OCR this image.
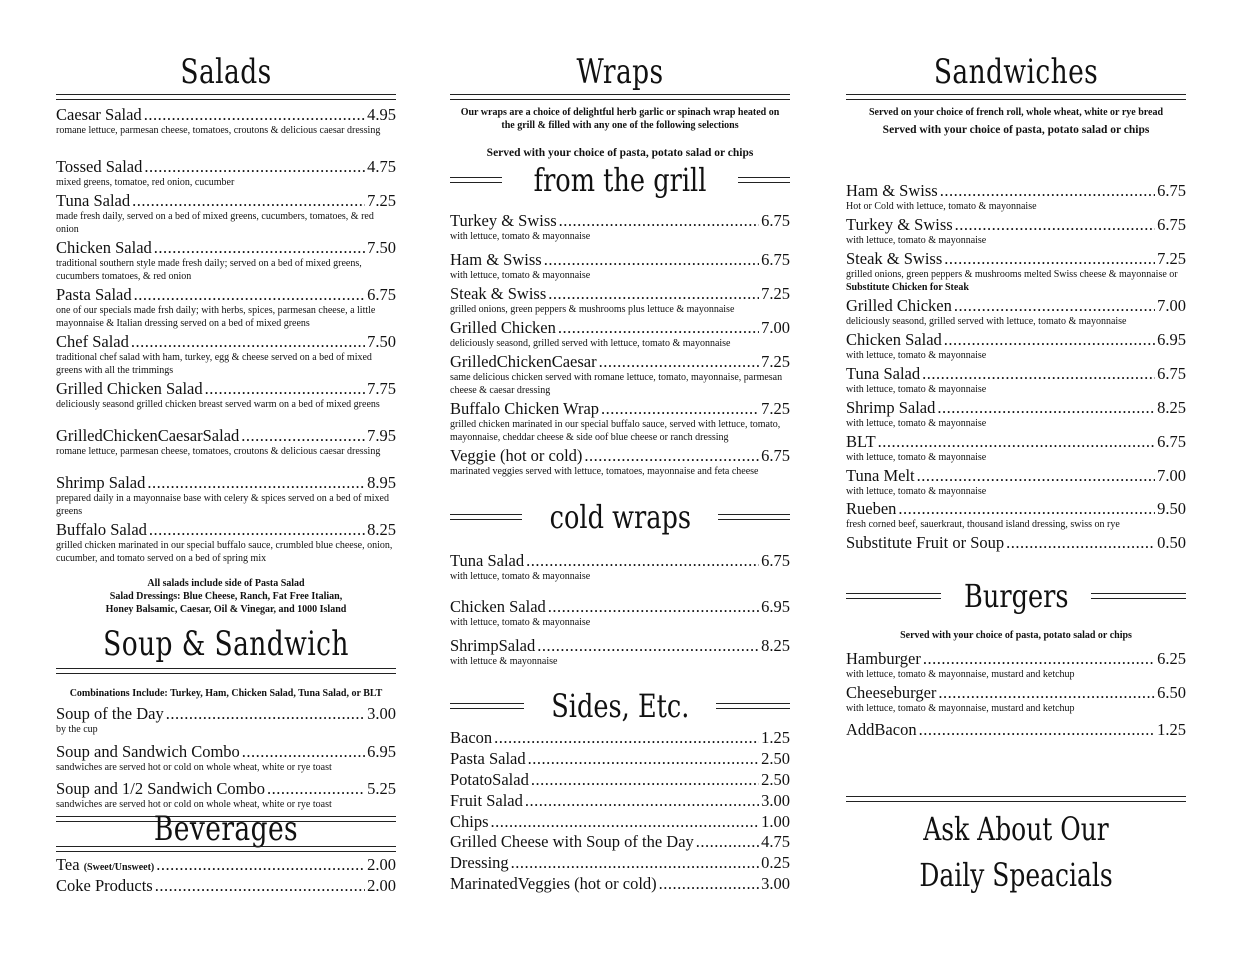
Salads
Caesar Salad .....	4.95
romane lettuce, parmesan cheese, tomatoes, croutons & delicious caesar dressing
Tossed Salad .....	4.75
mixed greens, tomatoe, red onion, cucumber
Tuna Salad .....	7.25
made fresh daily, served on a bed of mixed greens, cucumbers, tomatoes, & red onion
Chicken Salad .....	7.50
traditional southern style made fresh daily; served on a bed of mixed greens, cucumbers tomatoes, & red onion
Pasta Salad .....	6.75
one of our specials made frsh daily; with herbs, spices, parmesan cheese, a little mayonnaise & Italian dressing served on a bed of mixed greens
Chef Salad .....	7.50
traditional chef salad with ham, turkey, egg & cheese served on a bed of mixed greens with all the trimmings
Grilled Chicken Salad .....	7.75
deliciously seasond grilled chicken breast served warm on a bed of mixed greens
GrilledChickenCaesarSalad .....	7.95
romane lettuce, parmesan cheese, tomatoes, croutons & delicious caesar dressing
Shrimp Salad .....	8.95
prepared daily in a mayonnaise base with celery & spices served on a bed of mixed greens
Buffalo Salad .....	8.25
grilled chicken marinated in our special buffalo sauce, crumbled blue cheese, onion, cucumber, and tomato served on a bed of spring mix
All salads include side of Pasta Salad
Salad Dressings: Blue Cheese, Ranch, Fat Free Italian,
Honey Balsamic, Caesar, Oil & Vinegar, and 1000 Island
Soup & Sandwich
Combinations Include: Turkey, Ham, Chicken Salad, Tuna Salad, or BLT
Soup of the Day .....	3.00
by the cup
Soup and Sandwich Combo .....	6.95
sandwiches are served hot or cold on whole wheat, white or rye toast
Soup and 1/2 Sandwich Combo .....	5.25
sandwiches are served hot or cold on whole wheat, white or rye toast
Beverages
Tea (Sweet/Unsweet) .....	2.00
Coke Products .....	2.00
Wraps
Our wraps are a choice of delightful herb garlic or spinach wrap heated on
the grill & filled with any one of the following selections
Served with your choice of pasta, potato salad or chips
from the grill
Turkey & Swiss .....	6.75
with lettuce, tomato & mayonnaise
Ham & Swiss .....	6.75
with lettuce, tomato & mayonnaise
Steak & Swiss .....	7.25
grilled onions, green peppers & mushrooms plus lettuce & mayonnaise
Grilled Chicken .....	7.00
deliciously seasond, grilled served with lettuce, tomato & mayonnaise
GrilledChickenCaesar .....	7.25
same delicious chicken served with romane lettuce, tomato, mayonnaise, parmesan cheese & caesar dressing
Buffalo Chicken Wrap .....	7.25
grilled chicken marinated in our special buffalo sauce, served with lettuce, tomato, mayonnaise, cheddar cheese & side oof blue cheese or ranch dressing
Veggie (hot or cold) .....	6.75
marinated veggies served with lettuce, tomatoes, mayonnaise and feta cheese
cold wraps
Tuna Salad .....	6.75
with lettuce, tomato & mayonnaise
Chicken Salad .....	6.95
with lettuce, tomato & mayonnaise
ShrimpSalad .....	8.25
with lettuce & mayonnaise
Sides, Etc.
Bacon .....	1.25
Pasta Salad .....	2.50
PotatoSalad .....	2.50
Fruit Salad .....	3.00
Chips .....	1.00
Grilled Cheese with Soup of the Day .....	4.75
Dressing .....	0.25
MarinatedVeggies (hot or cold) .....	3.00
Sandwiches
Served on your choice of french roll, whole wheat, white or rye bread
Served with your choice of pasta, potato salad or chips
Ham & Swiss .....	6.75
Hot or Cold with lettuce, tomato & mayonnaise
Turkey & Swiss .....	6.75
with lettuce, tomato & mayonnaise
Steak & Swiss .....	7.25
grilled onions, green peppers & mushrooms melted Swiss cheese & mayonnaise or Substitute Chicken for Steak
Grilled Chicken .....	7.00
deliciously seasond, grilled served with lettuce, tomato & mayonnaise
Chicken Salad .....	6.95
with lettuce, tomato & mayonnaise
Tuna Salad .....	6.75
with lettuce, tomato & mayonnaise
Shrimp Salad .....	8.25
with lettuce, tomato & mayonnaise
BLT .....	6.75
with lettuce, tomato & mayonnaise
Tuna Melt .....	7.00
with lettuce, tomato & mayonnaise
Rueben .....	9.50
fresh corned beef, sauerkraut, thousand island dressing, swiss on rye
Substitute Fruit or Soup .....	0.50
Burgers
Served with your choice of pasta, potato salad or chips
Hamburger .....	6.25
with lettuce, tomato & mayonnaise, mustard and ketchup
Cheeseburger .....	6.50
with lettuce, tomato & mayonnaise, mustard and ketchup
AddBacon .....	1.25
Ask About Our
Daily Speacials
